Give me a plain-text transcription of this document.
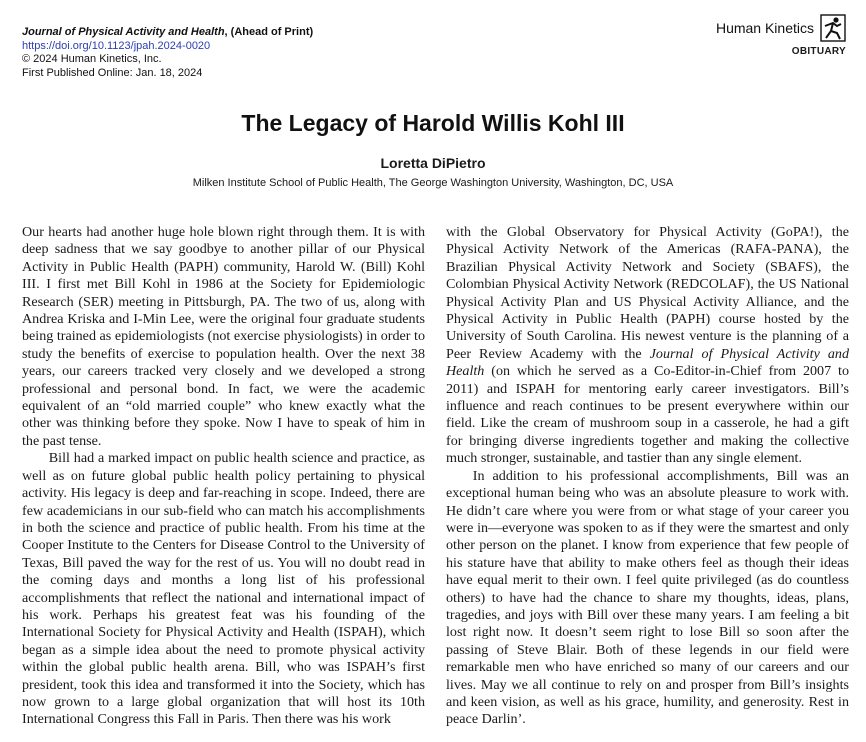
Journal of Physical Activity and Health, (Ahead of Print)
https://doi.org/10.1123/jpah.2024-0020
© 2024 Human Kinetics, Inc.
First Published Online: Jan. 18, 2024
Human Kinetics
OBITUARY
The Legacy of Harold Willis Kohl III
Loretta DiPietro
Milken Institute School of Public Health, The George Washington University, Washington, DC, USA

Our hearts had another huge hole blown right through them. It is with deep sadness that we say goodbye to another pillar of our Physical Activity in Public Health (PAPH) community, Harold W. (Bill) Kohl III. I first met Bill Kohl in 1986 at the Society for Epidemiologic Research (SER) meeting in Pittsburgh, PA. The two of us, along with Andrea Kriska and I-Min Lee, were the original four graduate students being trained as epidemiologists (not exercise physiologists) in order to study the benefits of exercise to population health. Over the next 38 years, our careers tracked very closely and we developed a strong professional and personal bond. In fact, we were the academic equivalent of an “old married couple” who knew exactly what the other was thinking before they spoke. Now I have to speak of him in the past tense.

Bill had a marked impact on public health science and practice, as well as on future global public health policy pertaining to physical activity. His legacy is deep and far-reaching in scope. Indeed, there are few academicians in our sub-field who can match his accomplishments in both the science and practice of public health. From his time at the Cooper Institute to the Centers for Disease Control to the University of Texas, Bill paved the way for the rest of us. You will no doubt read in the coming days and months a long list of his professional accomplishments that reflect the national and international impact of his work. Perhaps his greatest feat was his founding of the International Society for Physical Activity and Health (ISPAH), which began as a simple idea about the need to promote physical activity within the global public health arena. Bill, who was ISPAH’s first president, took this idea and transformed it into the Society, which has now grown to a large global organization that will host its 10th International Congress this Fall in Paris. Then there was his work

with the Global Observatory for Physical Activity (GoPA!), the Physical Activity Network of the Americas (RAFA-PANA), the Brazilian Physical Activity Network and Society (SBAFS), the Colombian Physical Activity Network (REDCOLAF), the US National Physical Activity Plan and US Physical Activity Alliance, and the Physical Activity in Public Health (PAPH) course hosted by the University of South Carolina. His newest venture is the planning of a Peer Review Academy with the Journal of Physical Activity and Health (on which he served as a Co-Editor-in-Chief from 2007 to 2011) and ISPAH for mentoring early career investigators. Bill’s influence and reach continues to be present everywhere within our field. Like the cream of mushroom soup in a casserole, he had a gift for bringing diverse ingredients together and making the collective much stronger, sustainable, and tastier than any single element.

In addition to his professional accomplishments, Bill was an exceptional human being who was an absolute pleasure to work with. He didn’t care where you were from or what stage of your career you were in—everyone was spoken to as if they were the smartest and only other person on the planet. I know from experience that few people of his stature have that ability to make others feel as though their ideas have equal merit to their own. I feel quite privileged (as do countless others) to have had the chance to share my thoughts, ideas, plans, tragedies, and joys with Bill over these many years. I am feeling a bit lost right now. It doesn’t seem right to lose Bill so soon after the passing of Steve Blair. Both of these legends in our field were remarkable men who have enriched so many of our careers and our lives. May we all continue to rely on and prosper from Bill’s insights and keen vision, as well as his grace, humility, and generosity. Rest in peace Darlin’.
